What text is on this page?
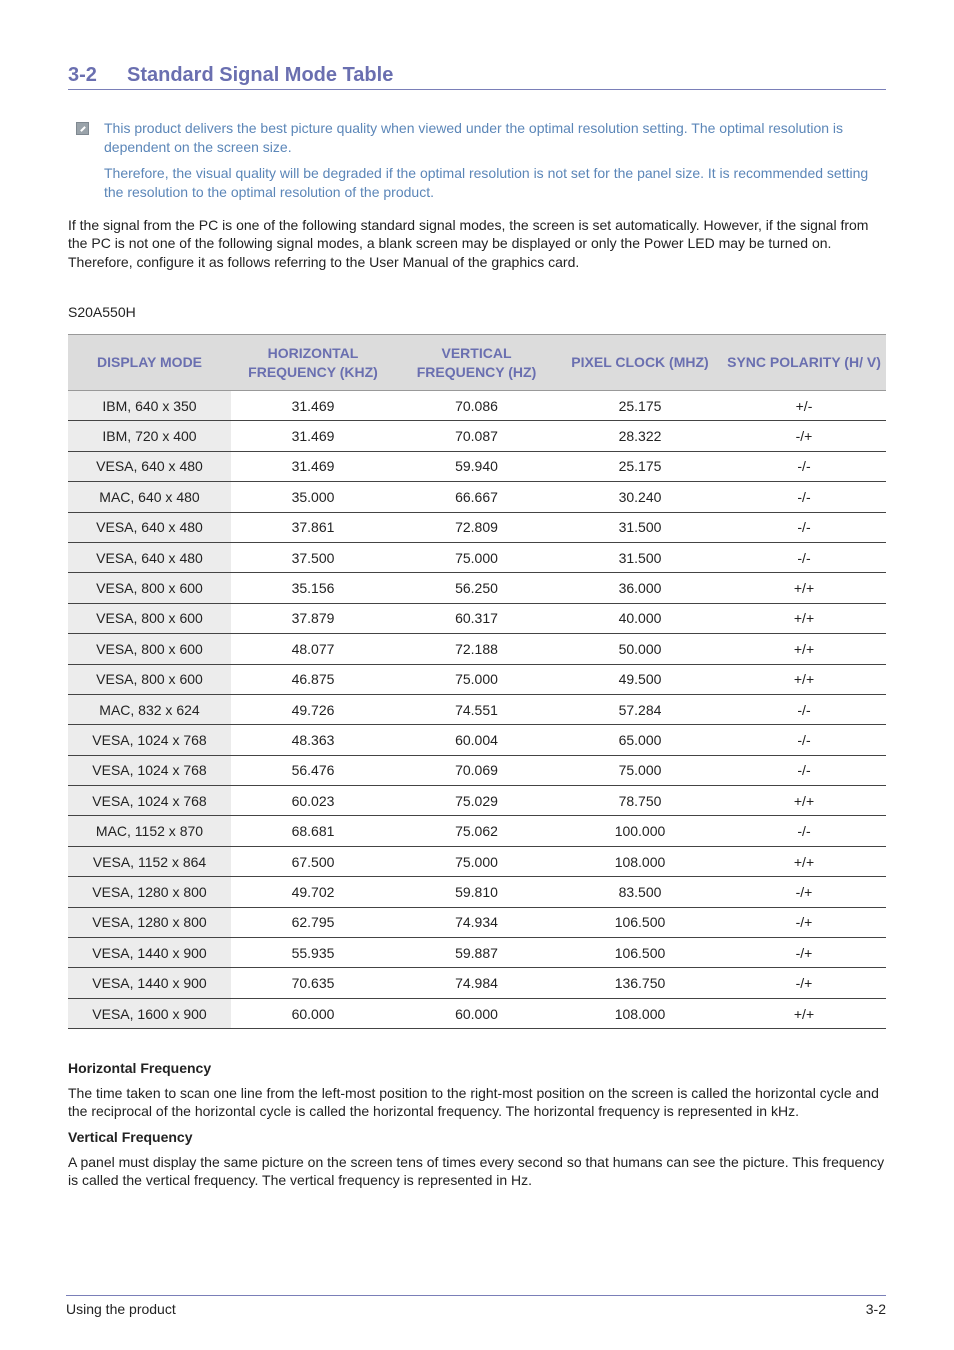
3-2 Standard Signal Mode Table

This product delivers the best picture quality when viewed under the optimal resolution setting. The optimal resolution is dependent on the screen size.

Therefore, the visual quality will be degraded if the optimal resolution is not set for the panel size. It is recommended setting the resolution to the optimal resolution of the product.

If the signal from the PC is one of the following standard signal modes, the screen is set automatically. However, if the signal from the PC is not one of the following signal modes, a blank screen may be displayed or only the Power LED may be turned on. Therefore, configure it as follows referring to the User Manual of the graphics card.

S20A550H
DISPLAY MODE	HORIZONTAL FREQUENCY (KHZ)	VERTICAL FREQUENCY (HZ)	PIXEL CLOCK (MHZ)	SYNC POLARITY (H/ V)
IBM, 640 x 350	31.469	70.086	25.175	+/-
IBM, 720 x 400	31.469	70.087	28.322	-/+
VESA, 640 x 480	31.469	59.940	25.175	-/-
MAC, 640 x 480	35.000	66.667	30.240	-/-
VESA, 640 x 480	37.861	72.809	31.500	-/-
VESA, 640 x 480	37.500	75.000	31.500	-/-
VESA, 800 x 600	35.156	56.250	36.000	+/+
VESA, 800 x 600	37.879	60.317	40.000	+/+
VESA, 800 x 600	48.077	72.188	50.000	+/+
VESA, 800 x 600	46.875	75.000	49.500	+/+
MAC, 832 x 624	49.726	74.551	57.284	-/-
VESA, 1024 x 768	48.363	60.004	65.000	-/-
VESA, 1024 x 768	56.476	70.069	75.000	-/-
VESA, 1024 x 768	60.023	75.029	78.750	+/+
MAC, 1152 x 870	68.681	75.062	100.000	-/-
VESA, 1152 x 864	67.500	75.000	108.000	+/+
VESA, 1280 x 800	49.702	59.810	83.500	-/+
VESA, 1280 x 800	62.795	74.934	106.500	-/+
VESA, 1440 x 900	55.935	59.887	106.500	-/+
VESA, 1440 x 900	70.635	74.984	136.750	-/+
VESA, 1600 x 900	60.000	60.000	108.000	+/+
Horizontal Frequency

The time taken to scan one line from the left-most position to the right-most position on the screen is called the horizontal cycle and the reciprocal of the horizontal cycle is called the horizontal frequency. The horizontal frequency is represented in kHz.

Vertical Frequency

A panel must display the same picture on the screen tens of times every second so that humans can see the picture. This frequency is called the vertical frequency. The vertical frequency is represented in Hz.

Using the product	3-2
